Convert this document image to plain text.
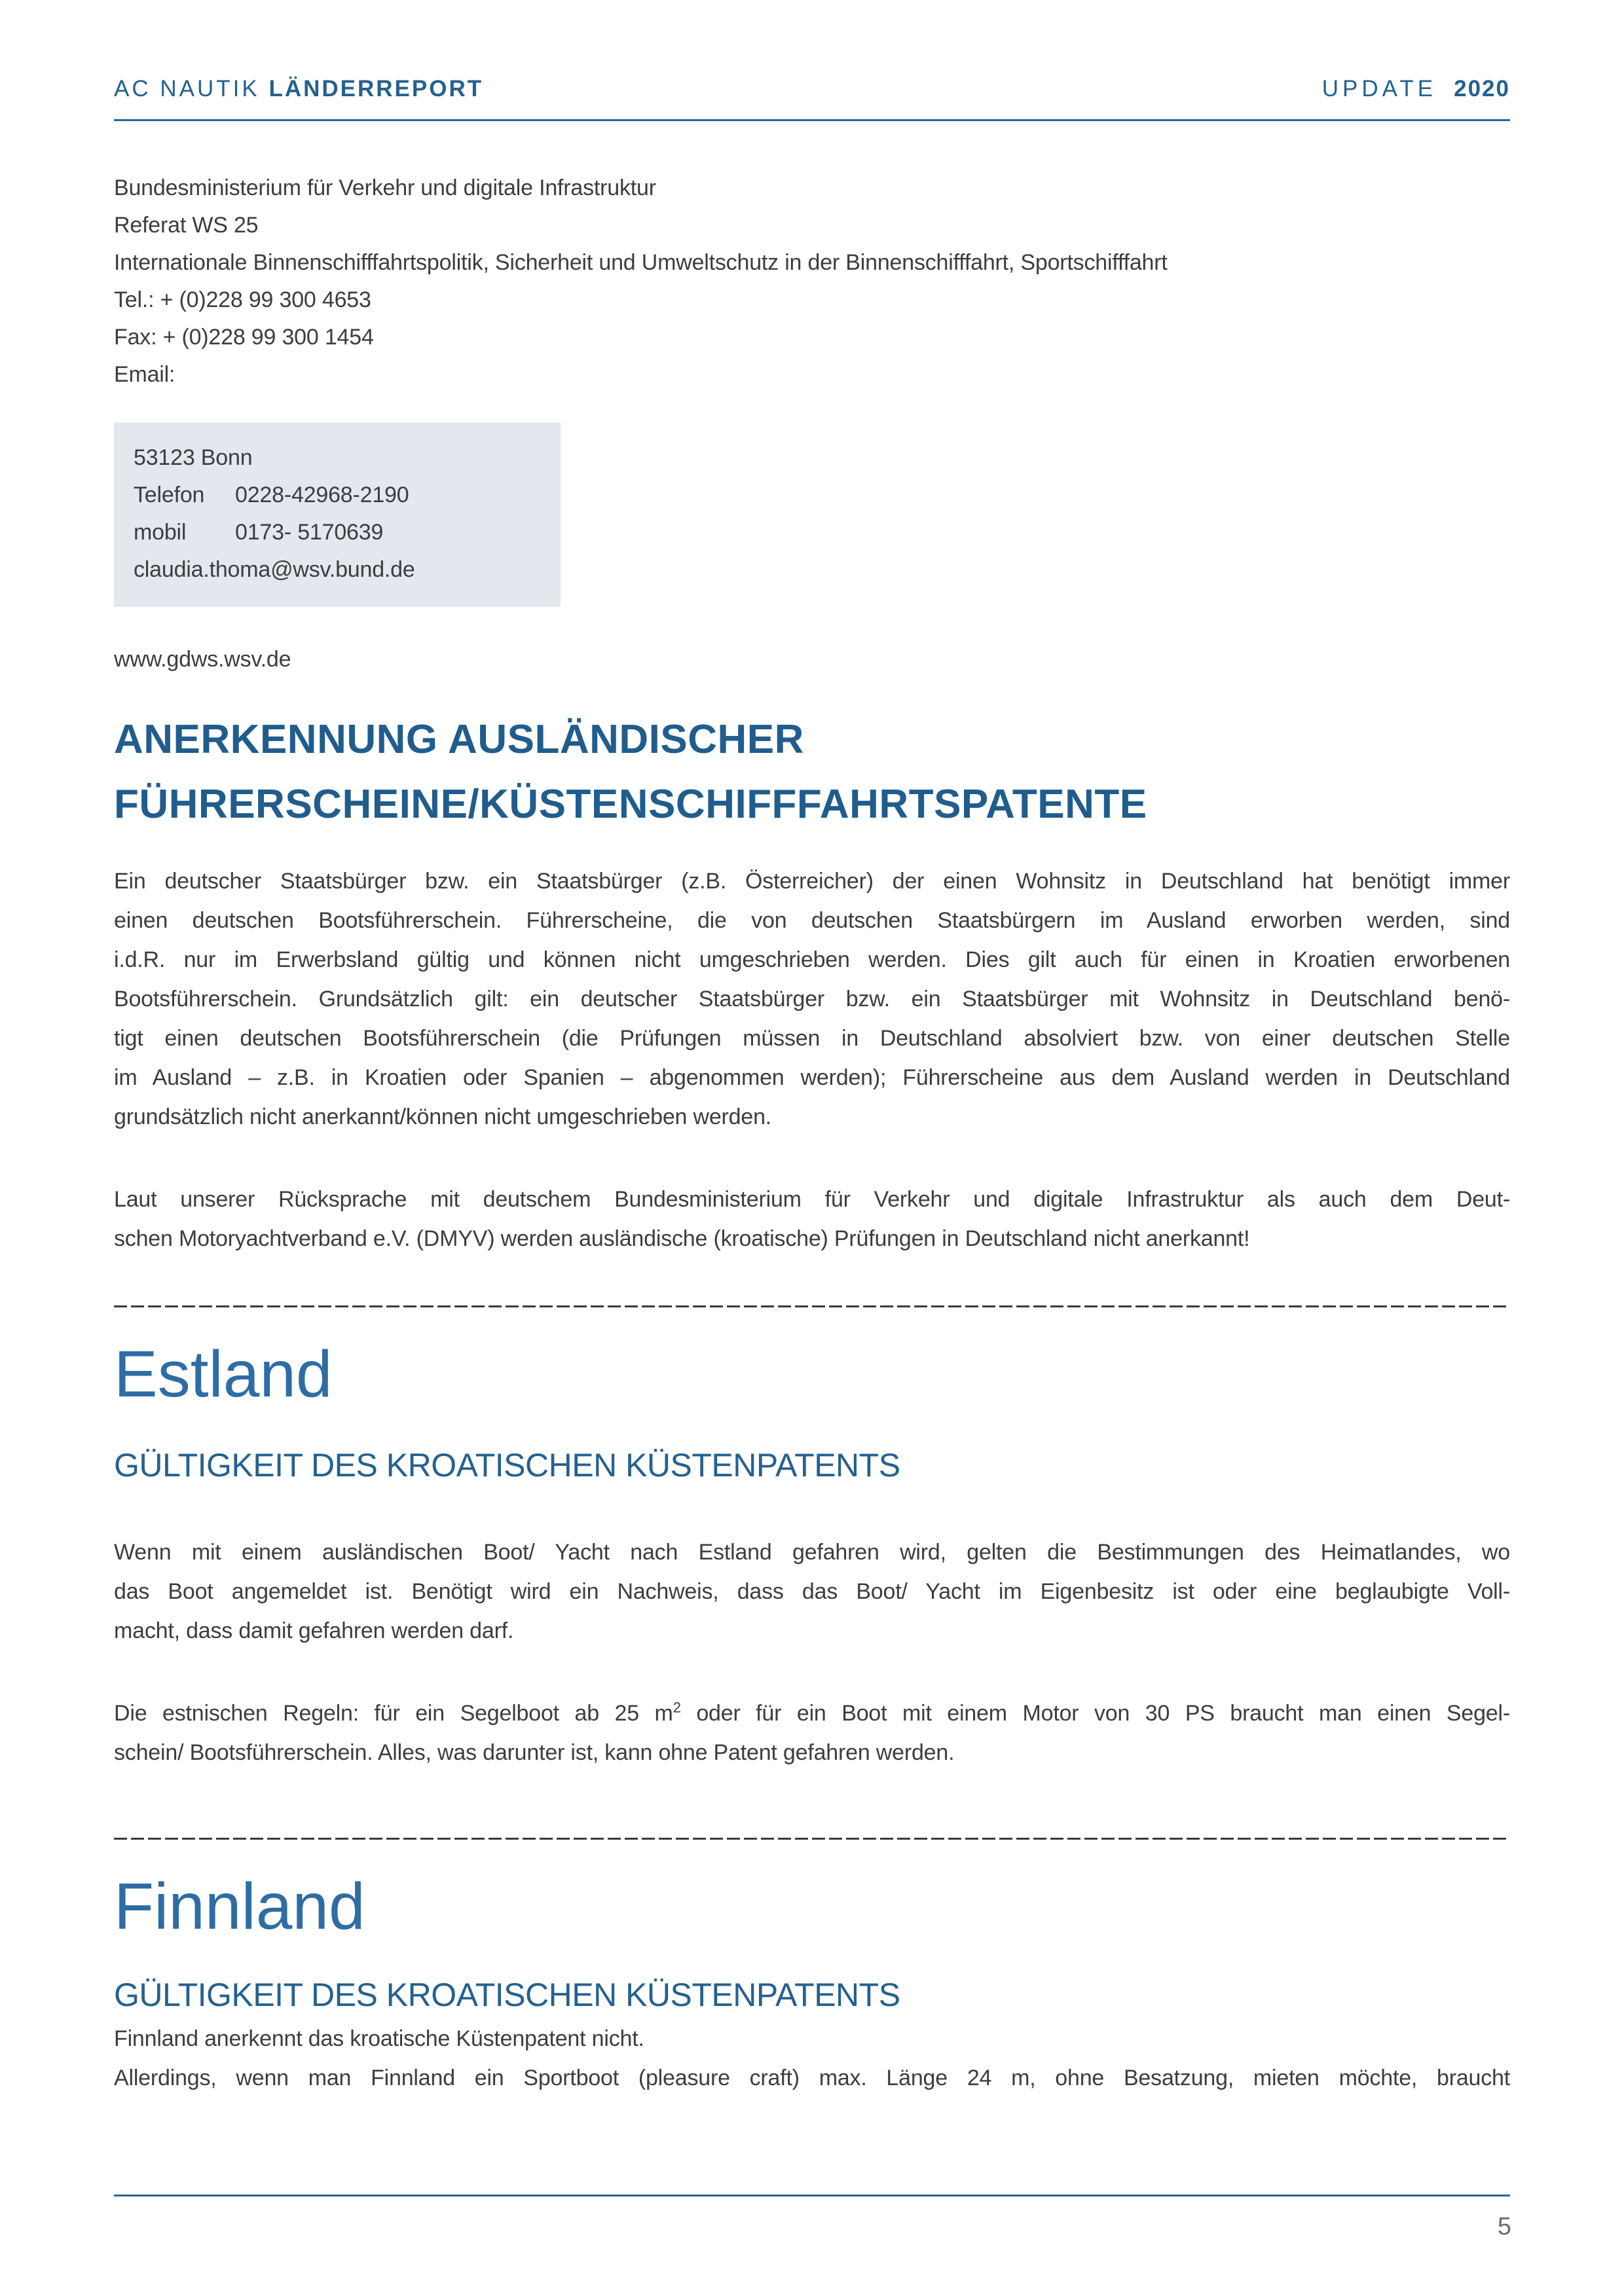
AC NAUTIK LÄNDERREPORT	UPDATE 2020

Bundesministerium für Verkehr und digitale Infrastruktur

Referat WS 25

Internationale Binnenschifffahrtspolitik, Sicherheit und Umweltschutz in der Binnenschifffahrt, Sportschifffahrt

Tel.: + (0)228 99 300 4653

Fax: + (0)228 99 300 1454

Email:

53123 Bonn

Telefon 0228-42968-2190

mobil 0173- 5170639

claudia.thoma@wsv.bund.de

www.gdws.wsv.de

ANERKENNUNG AUSLÄNDISCHER
FÜHRERSCHEINE/KÜSTENSCHIFFFAHRTSPATENTE

Ein deutscher Staatsbürger bzw. ein Staatsbürger (z.B. Österreicher) der einen Wohnsitz in Deutschland hat benötigt immer

einen deutschen Bootsführerschein. Führerscheine, die von deutschen Staatsbürgern im Ausland erworben werden, sind

i.d.R. nur im Erwerbsland gültig und können nicht umgeschrieben werden. Dies gilt auch für einen in Kroatien erworbenen

Bootsführerschein. Grundsätzlich gilt: ein deutscher Staatsbürger bzw. ein Staatsbürger mit Wohnsitz in Deutschland benö-

tigt einen deutschen Bootsführerschein (die Prüfungen müssen in Deutschland absolviert bzw. von einer deutschen Stelle

im Ausland – z.B. in Kroatien oder Spanien – abgenommen werden); Führerscheine aus dem Ausland werden in Deutschland

grundsätzlich nicht anerkannt/können nicht umgeschrieben werden.

Laut unserer Rücksprache mit deutschem Bundesministerium für Verkehr und digitale Infrastruktur als auch dem Deut-

schen Motoryachtverband e.V. (DMYV) werden ausländische (kroatische) Prüfungen in Deutschland nicht anerkannt!

Estland
GÜLTIGKEIT DES KROATISCHEN KÜSTENPATENTS

Wenn mit einem ausländischen Boot/ Yacht nach Estland gefahren wird, gelten die Bestimmungen des Heimatlandes, wo

das Boot angemeldet ist. Benötigt wird ein Nachweis, dass das Boot/ Yacht im Eigenbesitz ist oder eine beglaubigte Voll-

macht, dass damit gefahren werden darf.

Die estnischen Regeln: für ein Segelboot ab 25 $m^2$ oder für ein Boot mit einem Motor von 30 PS braucht man einen Segel-

schein/ Bootsführerschein. Alles, was darunter ist, kann ohne Patent gefahren werden.

Finnland
GÜLTIGKEIT DES KROATISCHEN KÜSTENPATENTS

Finnland anerkennt das kroatische Küstenpatent nicht.

Allerdings, wenn man Finnland ein Sportboot (pleasure craft) max. Länge 24 m, ohne Besatzung, mieten möchte, braucht

5
